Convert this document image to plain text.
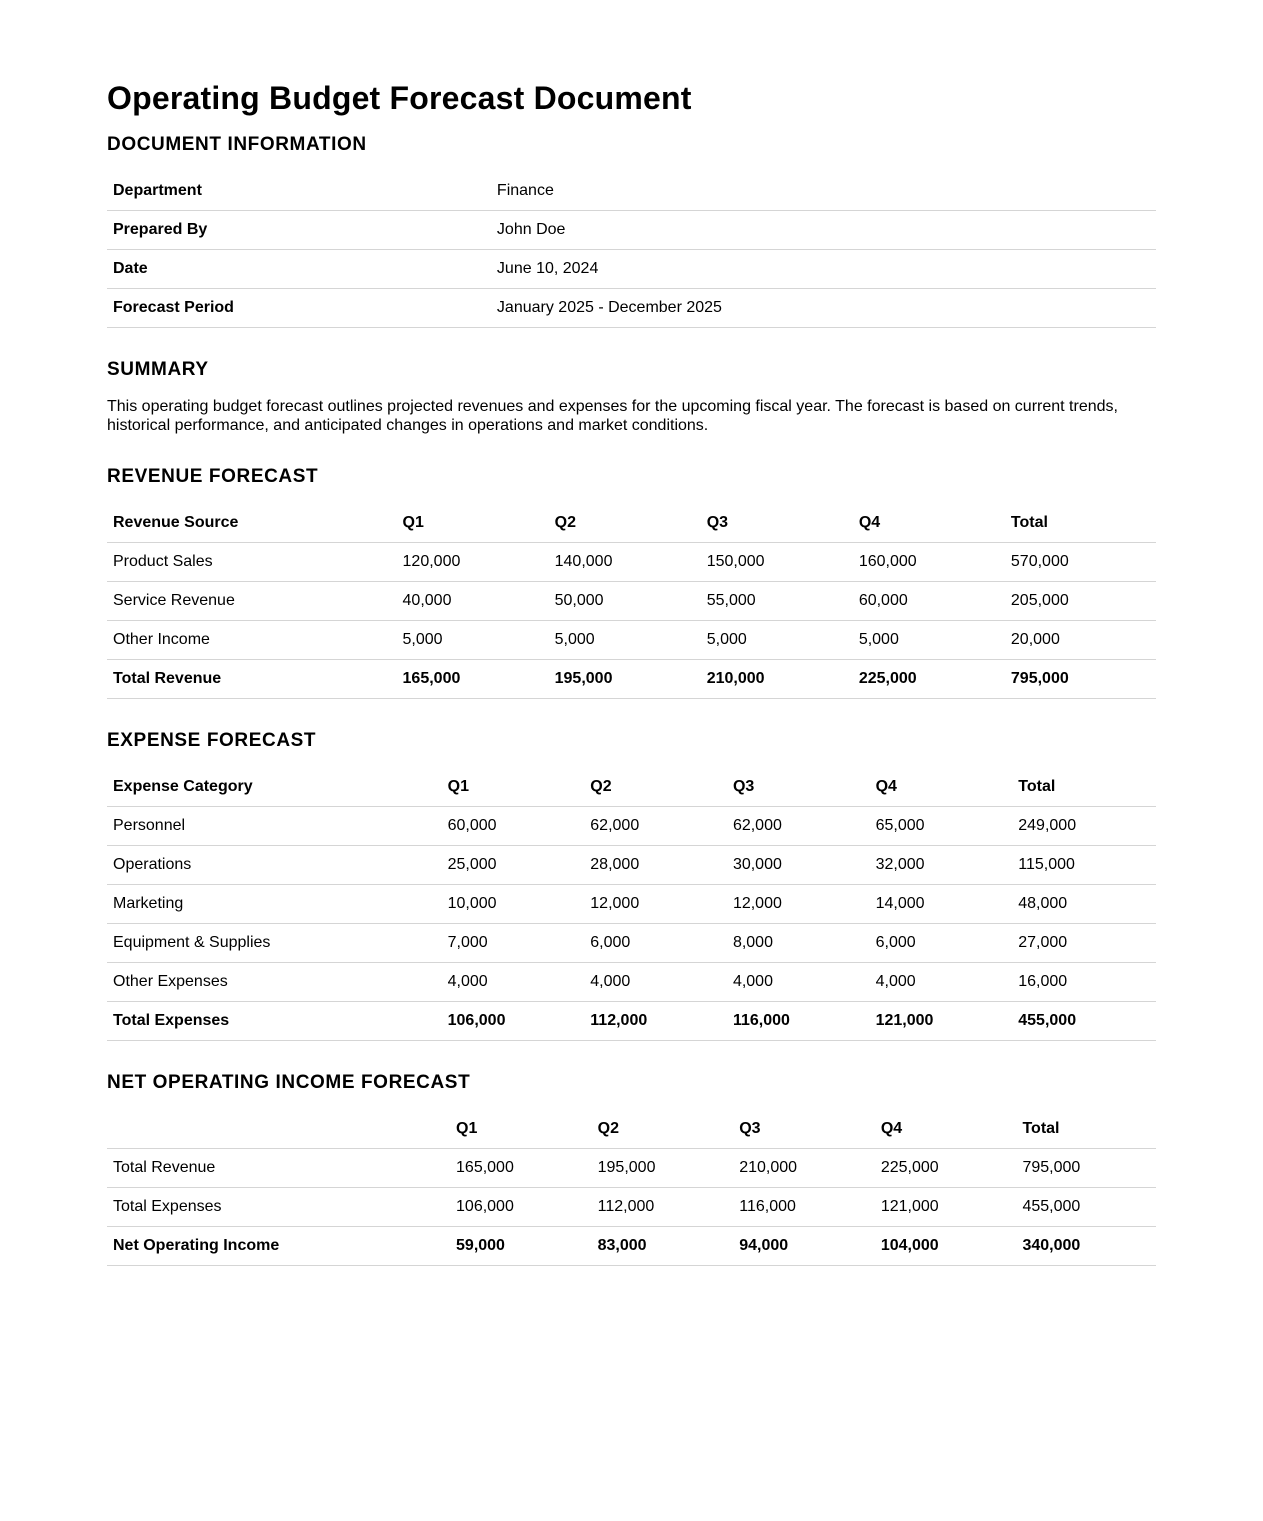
Operating Budget Forecast Document
DOCUMENT INFORMATION
Department	Finance
Prepared By	John Doe
Date	June 10, 2024
Forecast Period	January 2025 - December 2025
SUMMARY

This operating budget forecast outlines projected revenues and expenses for the upcoming fiscal year. The forecast is based on current trends, historical performance, and anticipated changes in operations and market conditions.

REVENUE FORECAST
Revenue Source	Q1	Q2	Q3	Q4	Total
Product Sales	120,000	140,000	150,000	160,000	570,000
Service Revenue	40,000	50,000	55,000	60,000	205,000
Other Income	5,000	5,000	5,000	5,000	20,000
Total Revenue	165,000	195,000	210,000	225,000	795,000
EXPENSE FORECAST
Expense Category	Q1	Q2	Q3	Q4	Total
Personnel	60,000	62,000	62,000	65,000	249,000
Operations	25,000	28,000	30,000	32,000	115,000
Marketing	10,000	12,000	12,000	14,000	48,000
Equipment & Supplies	7,000	6,000	8,000	6,000	27,000
Other Expenses	4,000	4,000	4,000	4,000	16,000
Total Expenses	106,000	112,000	116,000	121,000	455,000
NET OPERATING INCOME FORECAST
	Q1	Q2	Q3	Q4	Total
Total Revenue	165,000	195,000	210,000	225,000	795,000
Total Expenses	106,000	112,000	116,000	121,000	455,000
Net Operating Income	59,000	83,000	94,000	104,000	340,000
